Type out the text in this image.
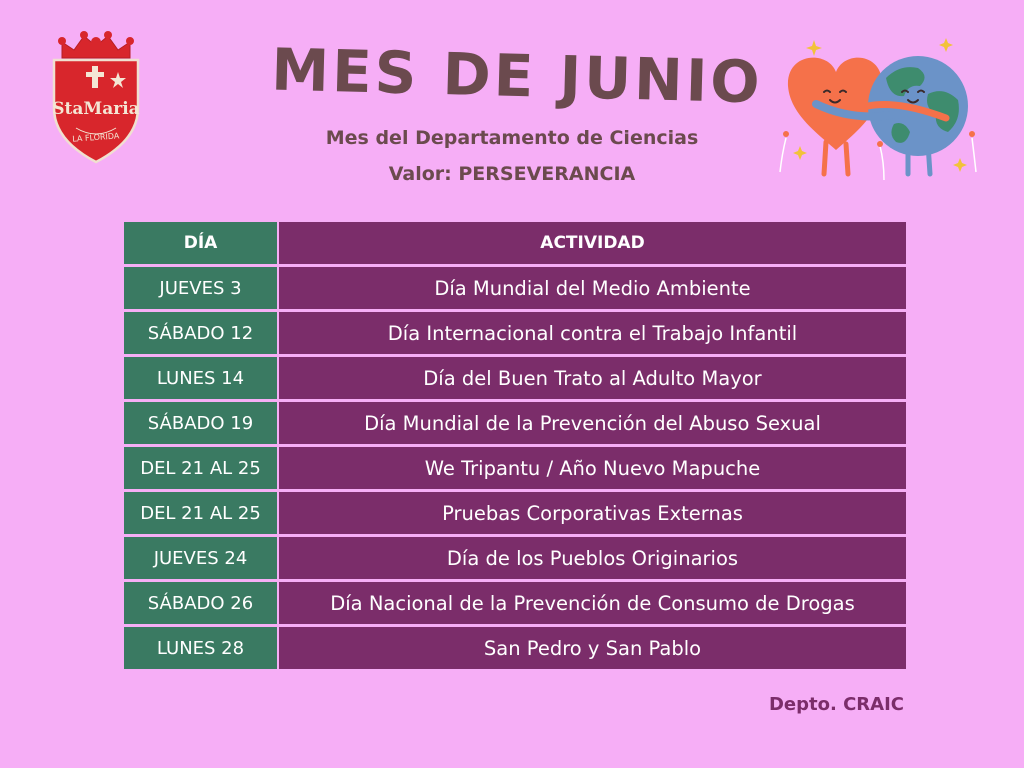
StaMaria
LA FLORIDA
MES DE JUNIO
Mes del Departamento de Ciencias
Valor: PERSEVERANCIA
DÍA	ACTIVIDAD
JUEVES 3	Día Mundial del Medio Ambiente
SÁBADO 12	Día Internacional contra el Trabajo Infantil
LUNES 14	Día del Buen Trato al Adulto Mayor
SÁBADO 19	Día Mundial de la Prevención del Abuso Sexual
DEL 21 AL 25	We Tripantu / Año Nuevo Mapuche
DEL 21 AL 25	Pruebas Corporativas Externas
JUEVES 24	Día de los Pueblos Originarios
SÁBADO 26	Día Nacional de la Prevención de Consumo de Drogas
LUNES 28	San Pedro y San Pablo
Depto. CRAIC
